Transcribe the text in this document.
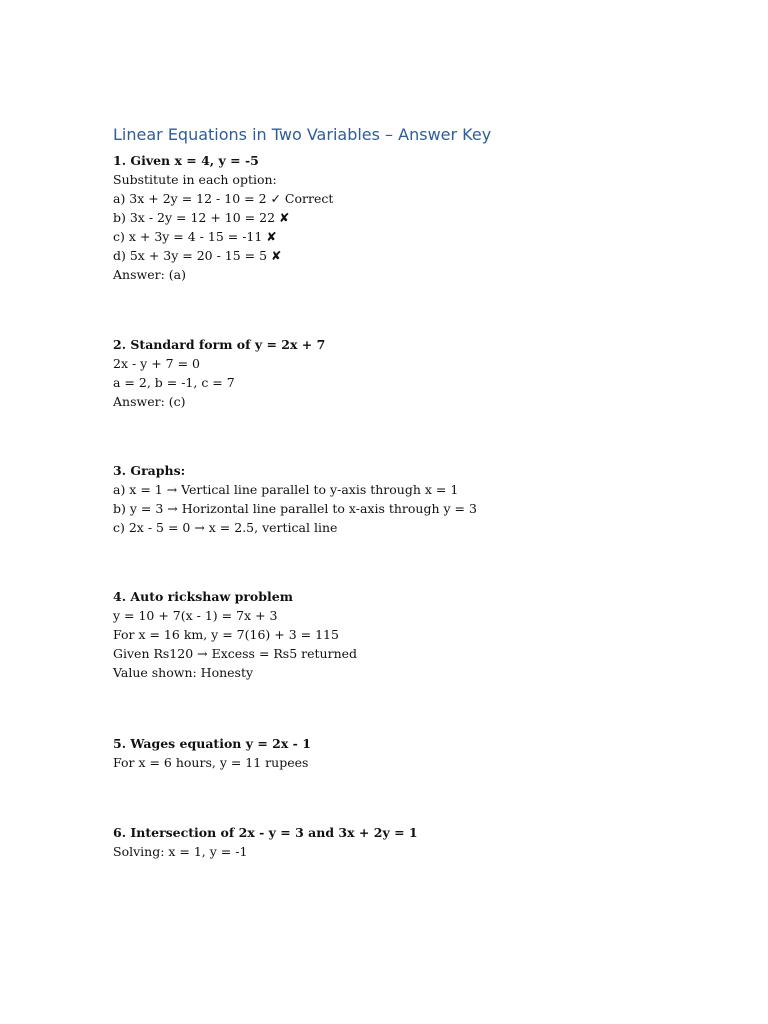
Linear Equations in Two Variables – Answer Key
1. Given x = 4, y = -5
Substitute in each option:
a) 3x + 2y = 12 - 10 = 2 ✓ Correct
b) 3x - 2y = 12 + 10 = 22 ✘
c) x + 3y = 4 - 15 = -11 ✘
d) 5x + 3y = 20 - 15 = 5 ✘
Answer: (a)
2. Standard form of y = 2x + 7
2x - y + 7 = 0
a = 2, b = -1, c = 7
Answer: (c)
3. Graphs:
a) x = 1 → Vertical line parallel to y-axis through x = 1
b) y = 3 → Horizontal line parallel to x-axis through y = 3
c) 2x - 5 = 0 → x = 2.5, vertical line
4. Auto rickshaw problem
y = 10 + 7(x - 1) = 7x + 3
For x = 16 km, y = 7(16) + 3 = 115
Given Rs120 → Excess = Rs5 returned
Value shown: Honesty
5. Wages equation y = 2x - 1
For x = 6 hours, y = 11 rupees
6. Intersection of 2x - y = 3 and 3x + 2y = 1
Solving: x = 1, y = -1
